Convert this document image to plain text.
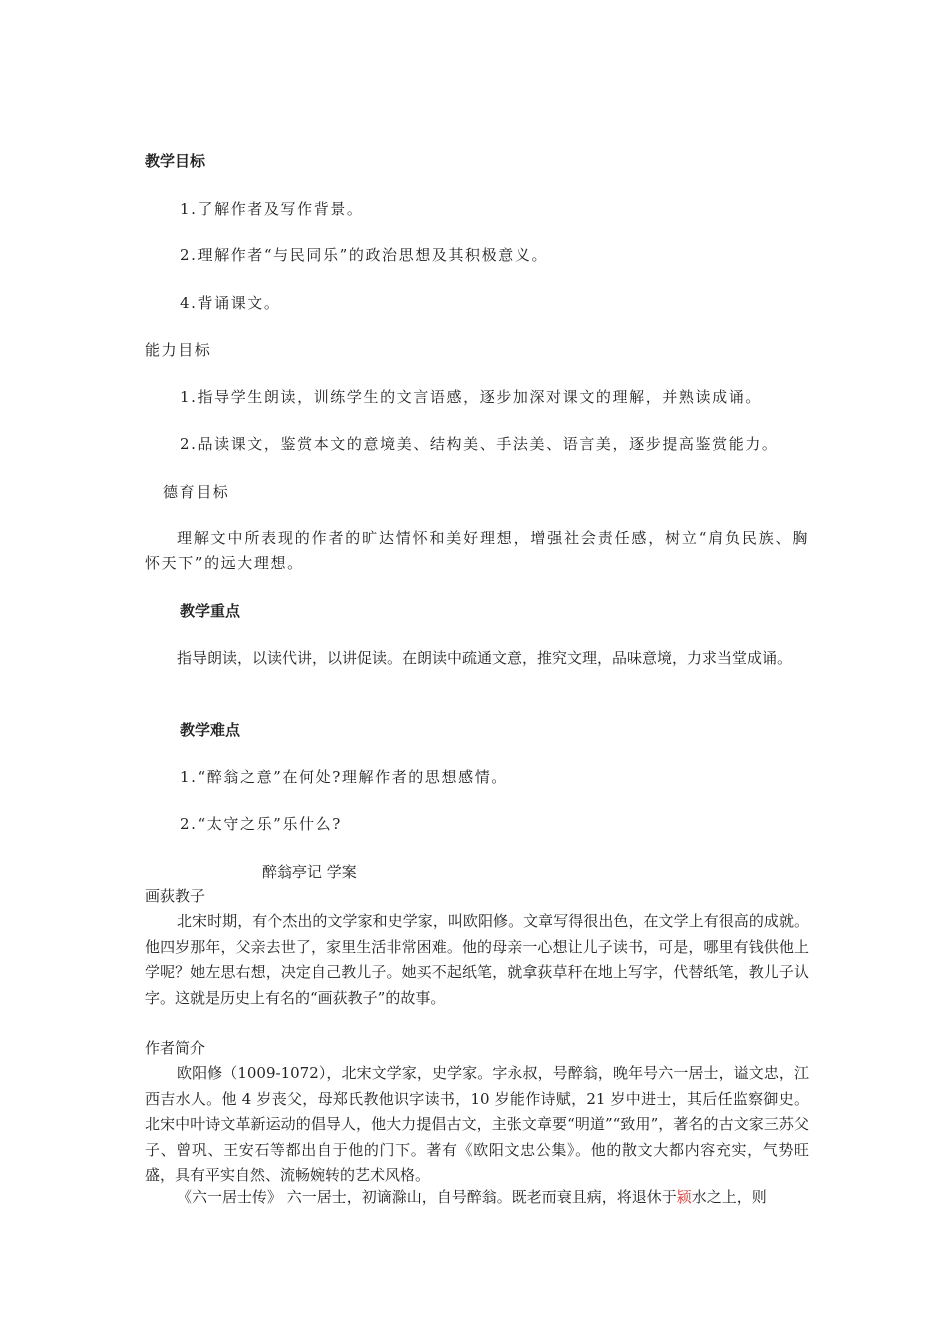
教学目标
1.了解作者及写作背景。
2.理解作者“与民同乐”的政治思想及其积极意义。
4.背诵课文。
能力目标
1.指导学生朗读，训练学生的文言语感，逐步加深对课文的理解，并熟读成诵。
2.品读课文，鉴赏本文的意境美、结构美、手法美、语言美，逐步提高鉴赏能力。
德育目标
理解文中所表现的作者的旷达情怀和美好理想，增强社会责任感，树立“肩负民族、胸怀天下”的远大理想。
教学重点
指导朗读，以读代讲，以讲促读。在朗读中疏通文意，推究文理，品味意境，力求当堂成诵。
教学难点
1.“醉翁之意”在何处?理解作者的思想感情。
2.“太守之乐”乐什么?
醉翁亭记 学案
画荻教子
北宋时期，有个杰出的文学家和史学家，叫欧阳修。文章写得很出色，在文学上有很高的成就。他四岁那年，父亲去世了，家里生活非常困难。他的母亲一心想让儿子读书，可是，哪里有钱供他上学呢？她左思右想，决定自己教儿子。她买不起纸笔，就拿荻草秆在地上写字，代替纸笔，教儿子认字。这就是历史上有名的“画荻教子”的故事。
作者简介
欧阳修（1009-1072），北宋文学家，史学家。字永叔，号醉翁，晚年号六一居士，谥文忠，江西吉水人。他 4 岁丧父，母郑氏教他识字读书，10 岁能作诗赋，21 岁中进士，其后任监察御史。北宋中叶诗文革新运动的倡导人，他大力提倡古文，主张文章要“明道”“致用”，著名的古文家三苏父子、曾巩、王安石等都出自于他的门下。著有《欧阳文忠公集》。他的散文大都内容充实，气势旺盛，具有平实自然、流畅婉转的艺术风格。
《六一居士传》 六一居士，初谪滁山，自号醉翁。既老而衰且病，将退休于颍水之上，则
